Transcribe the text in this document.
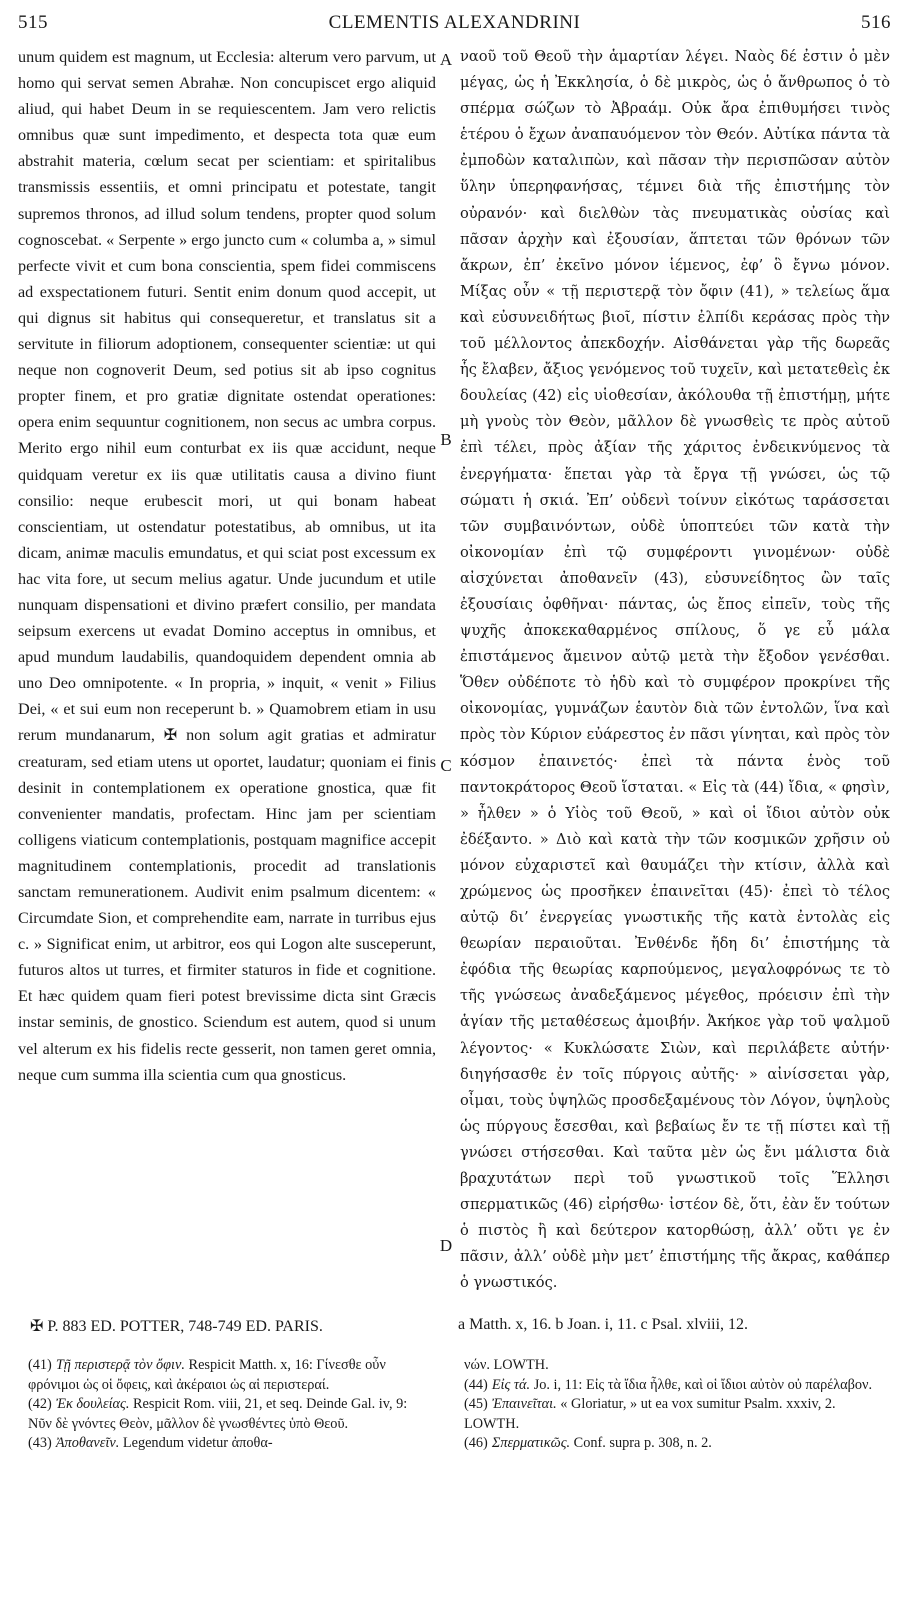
515	CLEMENTIS ALEXANDRINI	516

unum quidem est magnum, ut Ecclesia: alterum vero parvum, ut homo qui servat semen Abrahæ. Non concupiscet ergo aliquid aliud, qui habet Deum in se requiescentem. Jam vero relictis omnibus quæ sunt impedimento, et despecta tota quæ eum abstrahit materia, cœlum secat per scientiam: et spiritalibus transmissis essentiis, et omni principatu et potestate, tangit supremos thronos, ad illud solum tendens, propter quod solum cognoscebat. « Serpente » ergo juncto cum « columba a, » simul perfecte vivit et cum bona conscientia, spem fidei commiscens ad exspectationem futuri. Sentit enim donum quod accepit, ut qui dignus sit habitus qui consequeretur, et translatus sit a servitute in filiorum adoptionem, consequenter scientiæ: ut qui neque non cognoverit Deum, sed potius sit ab ipso cognitus propter finem, et pro gratiæ dignitate ostendat operationes: opera enim sequuntur cognitionem, non secus ac umbra corpus. Merito ergo nihil eum conturbat ex iis quæ accidunt, neque quidquam veretur ex iis quæ utilitatis causa a divino fiunt consilio: neque erubescit mori, ut qui bonam habeat conscientiam, ut ostendatur potestatibus, ab omnibus, ut ita dicam, animæ maculis emundatus, et qui sciat post excessum ex hac vita fore, ut secum melius agatur. Unde jucundum et utile nunquam dispensationi et divino præfert consilio, per mandata seipsum exercens ut evadat Domino acceptus in omnibus, et apud mundum laudabilis, quandoquidem dependent omnia ab uno Deo omnipotente. « In propria, » inquit, « venit » Filius Dei, « et sui eum non receperunt b. » Quamobrem etiam in usu rerum mundanarum, ✠ non solum agit gratias et admiratur creaturam, sed etiam utens ut oportet, laudatur; quoniam ei finis desinit in contemplationem ex operatione gnostica, quæ fit convenienter mandatis, profectam. Hinc jam per scientiam colligens viaticum contemplationis, postquam magnifice accepit magnitudinem contemplationis, procedit ad translationis sanctam remunerationem. Audivit enim psalmum dicentem: « Circumdate Sion, et comprehendite eam, narrate in turribus ejus c. » Significat enim, ut arbitror, eos qui Logon alte susceperunt, futuros altos ut turres, et firmiter staturos in fide et cognitione. Et hæc quidem quam fieri potest brevissime dicta sint Græcis instar seminis, de gnostico. Sciendum est autem, quod si unum vel alterum ex his fidelis recte gesserit, non tamen geret omnia, neque cum summa illa scientia cum qua gnosticus.

A
B
C
D

ναοῦ τοῦ Θεοῦ τὴν ἁμαρτίαν λέγει. Ναὸς δέ ἐστιν ὁ μὲν μέγας, ὡς ἡ Ἐκκλησία, ὁ δὲ μικρὸς, ὡς ὁ ἄνθρωπος ὁ τὸ σπέρμα σώζων τὸ Ἀβραάμ. Οὐκ ἄρα ἐπιθυμήσει τινὸς ἑτέρου ὁ ἔχων ἀναπαυόμενον τὸν Θεόν. Αὐτίκα πάντα τὰ ἐμποδὼν καταλιπὼν, καὶ πᾶσαν τὴν περισπῶσαν αὐτὸν ὕλην ὑπερηφανήσας, τέμνει διὰ τῆς ἐπιστήμης τὸν οὐρανόν· καὶ διελθὼν τὰς πνευματικὰς οὐσίας καὶ πᾶσαν ἀρχὴν καὶ ἐξουσίαν, ἅπτεται τῶν θρόνων τῶν ἄκρων, ἐπ’ ἐκεῖνο μόνον ἱέμενος, ἐφ’ ὃ ἔγνω μόνον. Μίξας οὖν « τῇ περιστερᾷ τὸν ὄφιν (41), » τελείως ἅμα καὶ εὐσυνειδήτως βιοῖ, πίστιν ἐλπίδι κεράσας πρὸς τὴν τοῦ μέλλοντος ἀπεκδοχήν. Αἰσθάνεται γὰρ τῆς δωρεᾶς ἧς ἔλαβεν, ἄξιος γενόμενος τοῦ τυχεῖν, καὶ μετατεθεὶς ἐκ δουλείας (42) εἰς υἱοθεσίαν, ἀκόλουθα τῇ ἐπιστήμῃ, μήτε μὴ γνοὺς τὸν Θεὸν, μᾶλλον δὲ γνωσθεὶς τε πρὸς αὐτοῦ ἐπὶ τέλει, πρὸς ἀξίαν τῆς χάριτος ἐνδεικνύμενος τὰ ἐνεργήματα· ἕπεται γὰρ τὰ ἔργα τῇ γνώσει, ὡς τῷ σώματι ἡ σκιά. Ἐπ’ οὐδενὶ τοίνυν εἰκότως ταράσσεται τῶν συμβαινόντων, οὐδὲ ὑποπτεύει τῶν κατὰ τὴν οἰκονομίαν ἐπὶ τῷ συμφέροντι γινομένων· οὐδὲ αἰσχύνεται ἀποθανεῖν (43), εὐσυνείδητος ὢν ταῖς ἐξουσίαις ὀφθῆναι· πάντας, ὡς ἔπος εἰπεῖν, τοὺς τῆς ψυχῆς ἀποκεκαθαρμένος σπίλους, ὅ γε εὖ μάλα ἐπιστάμενος ἄμεινον αὐτῷ μετὰ τὴν ἔξοδον γενέσθαι. Ὅθεν οὐδέποτε τὸ ἡδὺ καὶ τὸ συμφέρον προκρίνει τῆς οἰκονομίας, γυμνάζων ἑαυτὸν διὰ τῶν ἐντολῶν, ἵνα καὶ πρὸς τὸν Κύριον εὐάρεστος ἐν πᾶσι γίνηται, καὶ πρὸς τὸν κόσμον ἐπαινετός· ἐπεὶ τὰ πάντα ἑνὸς τοῦ παντοκράτορος Θεοῦ ἵσταται. « Εἰς τὰ (44) ἴδια, « φησὶν, » ἦλθεν » ὁ Υἱὸς τοῦ Θεοῦ, » καὶ οἱ ἴδιοι αὐτὸν οὐκ ἐδέξαντο. » Διὸ καὶ κατὰ τὴν τῶν κοσμικῶν χρῆσιν οὐ μόνον εὐχαριστεῖ καὶ θαυμάζει τὴν κτίσιν, ἀλλὰ καὶ χρώμενος ὡς προσῆκεν ἐπαινεῖται (45)· ἐπεὶ τὸ τέλος αὐτῷ δι’ ἐνεργείας γνωστικῆς τῆς κατὰ ἐντολὰς εἰς θεωρίαν περαιοῦται. Ἐνθένδε ἤδη δι’ ἐπιστήμης τὰ ἐφόδια τῆς θεωρίας καρπούμενος, μεγαλοφρόνως τε τὸ τῆς γνώσεως ἀναδεξάμενος μέγεθος, πρόεισιν ἐπὶ τὴν ἁγίαν τῆς μεταθέσεως ἀμοιβήν. Ἀκήκοε γὰρ τοῦ ψαλμοῦ λέγοντος· « Κυκλώσατε Σιὼν, καὶ περιλάβετε αὐτήν· διηγήσασθε ἐν τοῖς πύργοις αὐτῆς· » αἰνίσσεται γὰρ, οἶμαι, τοὺς ὑψηλῶς προσδεξαμένους τὸν Λόγον, ὑψηλοὺς ὡς πύργους ἔσεσθαι, καὶ βεβαίως ἔν τε τῇ πίστει καὶ τῇ γνώσει στήσεσθαι. Καὶ ταῦτα μὲν ὡς ἔνι μάλιστα διὰ βραχυτάτων περὶ τοῦ γνωστικοῦ τοῖς Ἕλλησι σπερματικῶς (46) εἰρήσθω· ἰστέον δὲ, ὅτι, ἐὰν ἕν τούτων ὁ πιστὸς ἢ καὶ δεύτερον κατορθώσῃ, ἀλλ’ οὔτι γε ἐν πᾶσιν, ἀλλ’ οὐδὲ μὴν μετ’ ἐπιστήμης τῆς ἄκρας, καθάπερ ὁ γνωστικός.

✠ P. 883 ED. POTTER, 748-749 ED. PARIS.	a Matth. x, 16. b Joan. i, 11. c Psal. xlviii, 12.

(41) Τῇ περιστερᾷ τὸν ὄφιν. Respicit Matth. x, 16: Γίνεσθε οὖν φρόνιμοι ὡς οἱ ὄφεις, καὶ ἀκέραιοι ὡς αἱ περιστεραί.

(42) Ἐκ δουλείας. Respicit Rom. viii, 21, et seq. Deinde Gal. iv, 9: Νῦν δὲ γνόντες Θεὸν, μᾶλλον δὲ γνωσθέντες ὑπὸ Θεοῦ.

(43) Ἀποθανεῖν. Legendum videtur ἀποθα-

νών. LOWTH.

(44) Εἰς τά. Jo. i, 11: Εἰς τὰ ἴδια ἦλθε, καὶ οἱ ἴδιοι αὐτὸν οὐ παρέλαβον.

(45) Ἐπαινεῖται. « Gloriatur, » ut ea vox sumitur Psalm. xxxiv, 2. LOWTH.

(46) Σπερματικῶς. Conf. supra p. 308, n. 2.
